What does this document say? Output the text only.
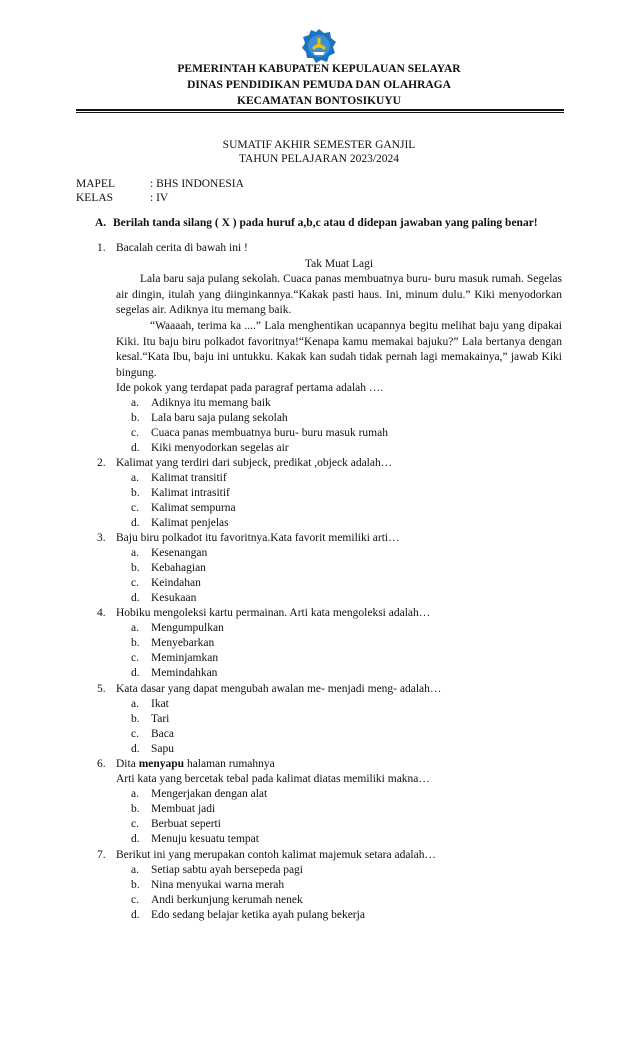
PEMERINTAH KABUPATEN KEPULAUAN SELAYAR
DINAS PENDIDIKAN PEMUDA DAN OLAHRAGA
KECAMATAN BONTOSIKUYU
SUMATIF AKHIR SEMESTER GANJIL
TAHUN PELAJARAN 2023/2024
MAPEL	: BHS INDONESIA
KELAS	: IV
A. Berilah tanda silang ( X ) pada huruf a,b,c atau d didepan jawaban yang paling benar!
1. Bacalah cerita di bawah ini !
Tak Muat Lagi
Lala baru saja pulang sekolah. Cuaca panas membuatnya buru- buru masuk rumah. Segelas air dingin, itulah yang diinginkannya.“Kakak pasti haus. Ini, minum dulu.” Kiki menyodorkan segelas air. Adiknya itu memang baik.
“Waaaah, terima ka ....” Lala menghentikan ucapannya begitu melihat baju yang dipakai Kiki. Itu baju biru polkadot favoritnya!“Kenapa kamu memakai bajuku?” Lala bertanya dengan kesal.“Kata Ibu, baju ini untukku. Kakak kan sudah tidak pernah lagi memakainya,” jawab Kiki bingung.
Ide pokok yang terdapat pada paragraf pertama adalah ….
a. Adiknya itu memang baik
b. Lala baru saja pulang sekolah
c. Cuaca panas membuatnya buru- buru masuk rumah
d. Kiki menyodorkan segelas air
2. Kalimat yang terdiri dari subjeck, predikat ,objeck adalah…
a. Kalimat transitif
b. Kalimat intrasitif
c. Kalimat sempurna
d. Kalimat penjelas
3. Baju biru polkadot itu favoritnya.Kata favorit memiliki arti…
a. Kesenangan
b. Kebahagian
c. Keindahan
d. Kesukaan
4. Hobiku mengoleksi kartu permainan. Arti kata mengoleksi adalah…
a. Mengumpulkan
b. Menyebarkan
c. Meminjamkan
d. Memindahkan
5. Kata dasar yang dapat mengubah awalan me- menjadi meng- adalah…
a. Ikat
b. Tari
c. Baca
d. Sapu
6. Dita menyapu halaman rumahnya
Arti kata yang bercetak tebal pada kalimat diatas memiliki makna…
a. Mengerjakan dengan alat
b. Membuat jadi
c. Berbuat seperti
d. Menuju kesuatu tempat
7. Berikut ini yang merupakan contoh kalimat majemuk setara adalah…
a. Setiap sabtu ayah bersepeda pagi
b. Nina menyukai warna merah
c. Andi berkunjung kerumah nenek
d. Edo sedang belajar ketika ayah pulang bekerja
